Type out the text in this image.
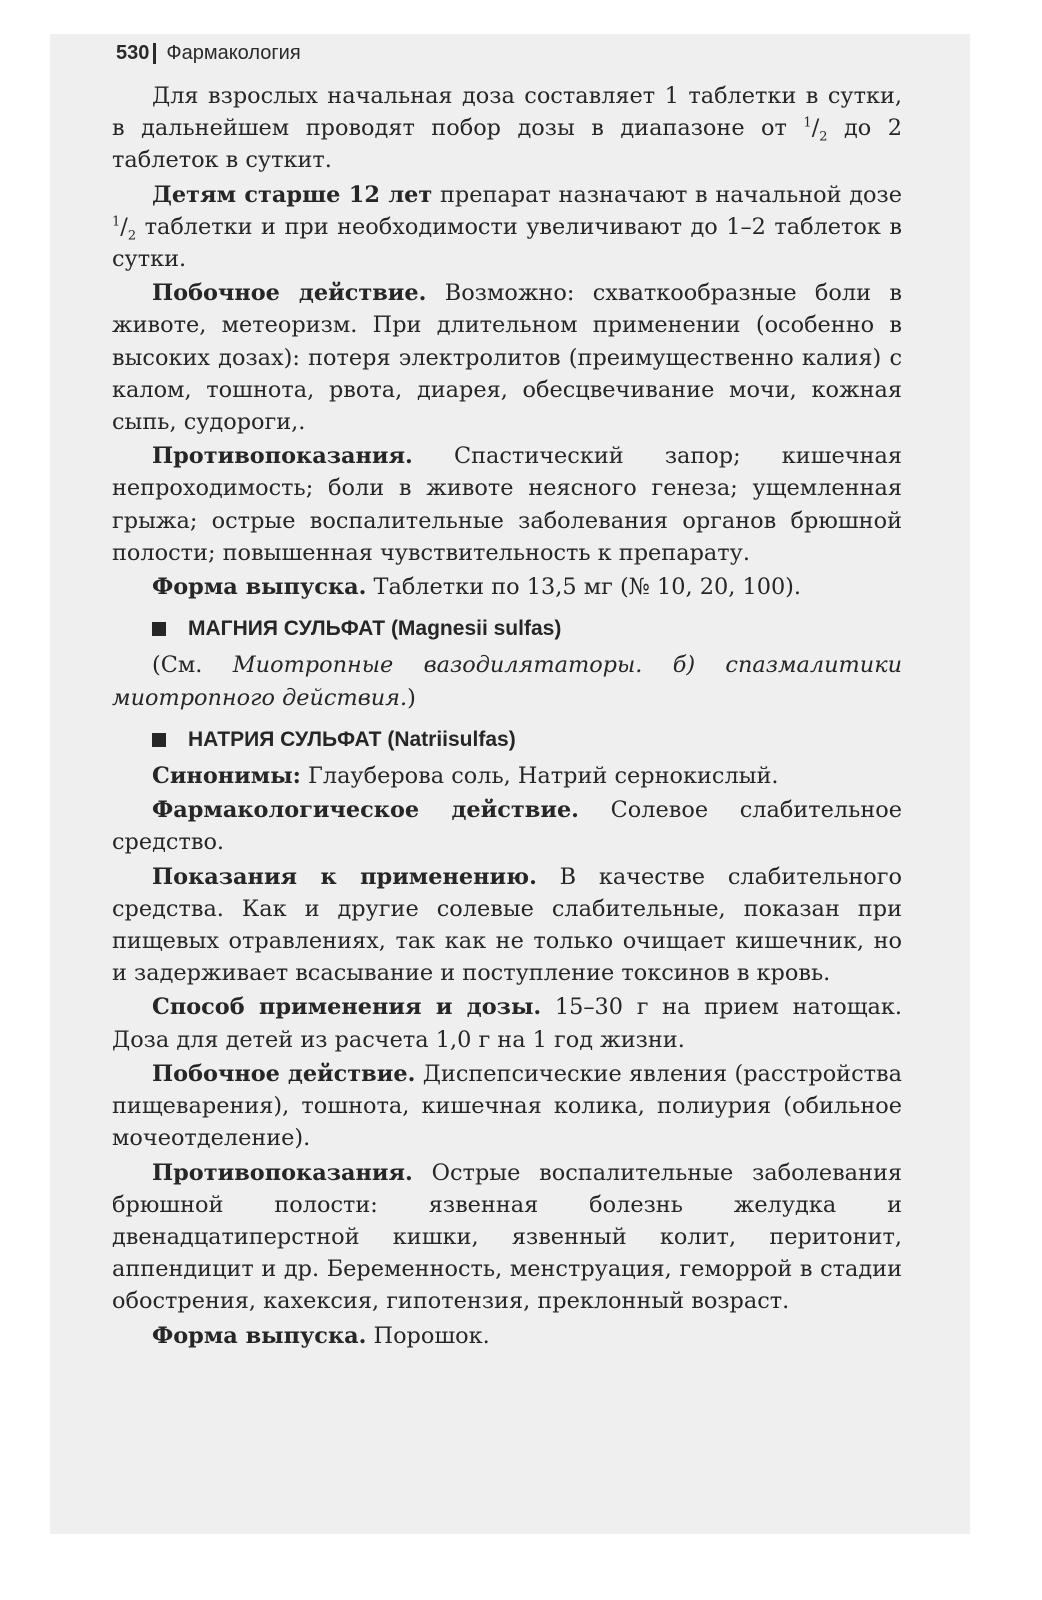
530 Фармакология

Для взрослых начальная доза составляет 1 таблетки в сутки, в дальнейшем проводят побор дозы в диапазоне от $^1/_2$ до 2 таблеток в суткит.

Детям старше 12 лет препарат назначают в начальной дозе $^1/_2$ таблетки и при необходимости увеличивают до 1–2 таблеток в сутки.

Побочное действие. Возможно: схваткообразные боли в животе, метеоризм. При длительном применении (особенно в высоких дозах): потеря электролитов (преимущественно калия) с калом, тошнота, рвота, диарея, обесцвечивание мочи, кожная сыпь, судороги,.

Противопоказания. Спастический запор; кишечная непроходимость; боли в животе неясного генеза; ущемленная грыжа; острые воспалительные заболевания органов брюшной полости; повышенная чувствительность к препарату.

Форма выпуска. Таблетки по 13,5 мг (№ 10, 20, 100).

МАГНИЯ СУЛЬФАТ
(Magnesii sulfas)

(См. Миотропные вазодилятаторы. б) спазмалитики миотропного действия.)

НАТРИЯ СУЛЬФАТ
(Natriisulfas)

Синонимы: Глауберова соль, Натрий сернокислый.

Фармакологическое действие. Солевое слабительное средство.

Показания к применению. В качестве слабительного средства. Как и другие солевые слабительные, показан при пищевых отравлениях, так как не только очищает кишечник, но и задерживает всасывание и поступление токсинов в кровь.

Способ применения и дозы. 15–30 г на прием натощак. Доза для детей из расчета 1,0 г на 1 год жизни.

Побочное действие. Диспепсические явления (расстройства пищеварения), тошнота, кишечная колика, полиурия (обильное мочеотделение).

Противопоказания. Острые воспалительные заболевания брюшной полости: язвенная болезнь желудка и двенадцатиперстной кишки, язвенный колит, перитонит, аппендицит и др. Беременность, менструация, геморрой в стадии обострения, кахексия, гипотензия, преклонный возраст.

Форма выпуска. Порошок.
